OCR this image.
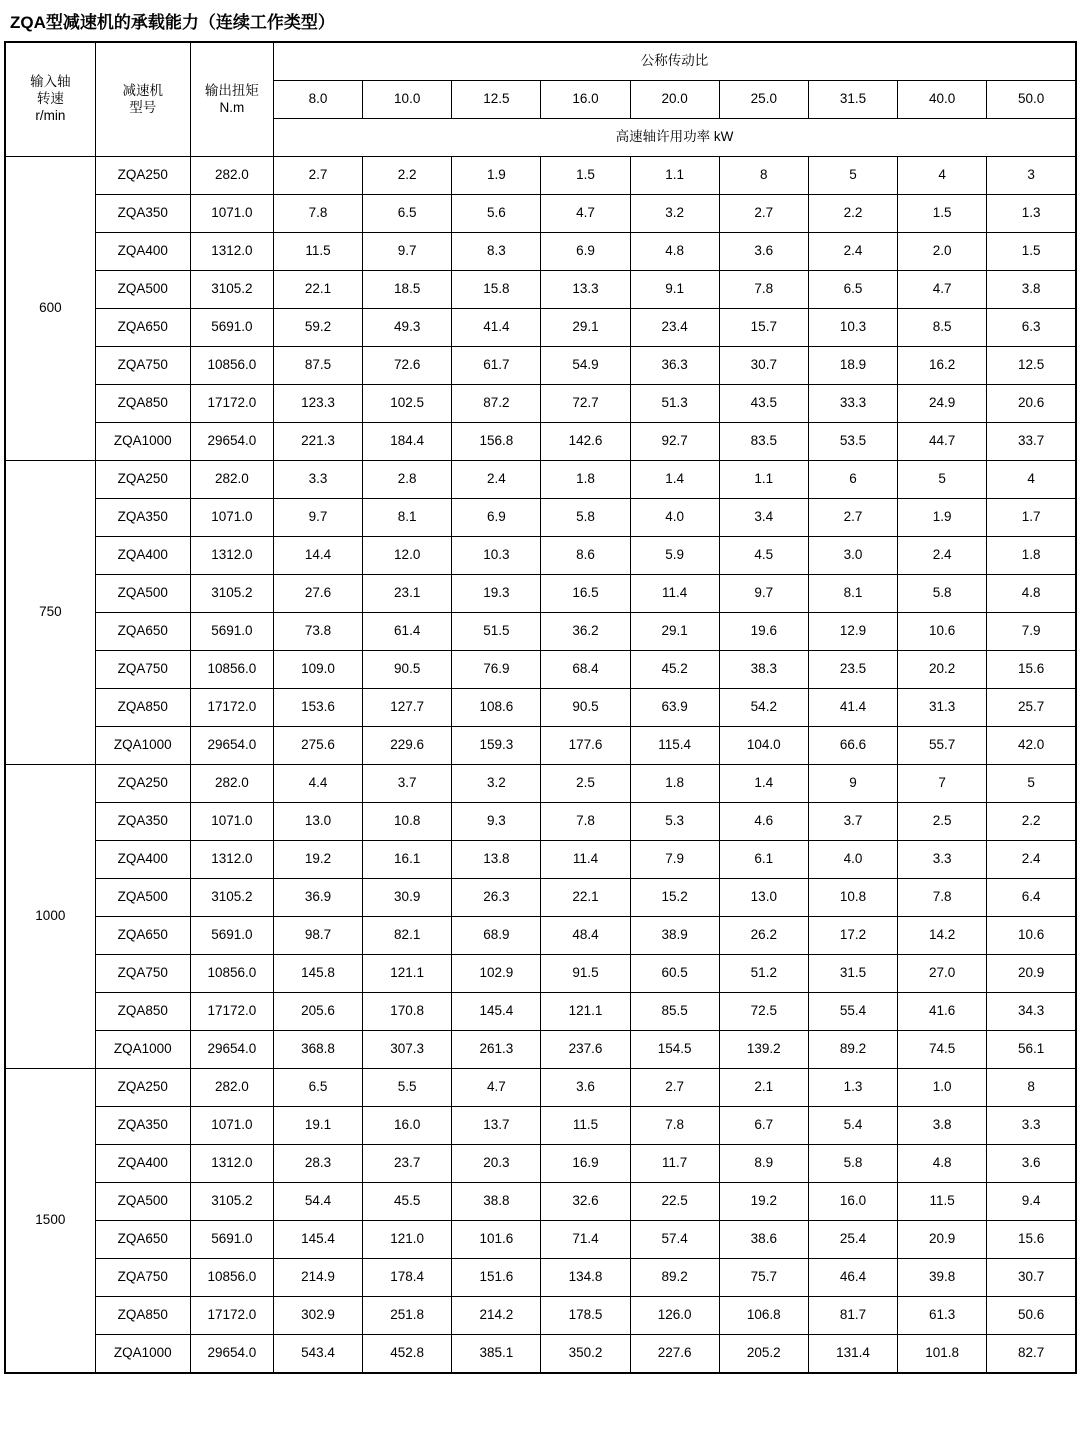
ZQA型减速机的承载能力（连续工作类型）
输入轴
转速
r/min

减速机
型号

输出扭矩
N.m
	公称传动比
			8.0	10.0	12.5	16.0	20.0	25.0	31.5	40.0	50.0
			高速轴许用功率 kW								
600	ZQA250	282.0	2.7	2.2	1.9	1.5	1.1	8	5	4	3
	ZQA350	1071.0	7.8	6.5	5.6	4.7	3.2	2.7	2.2	1.5	1.3
	ZQA400	1312.0	11.5	9.7	8.3	6.9	4.8	3.6	2.4	2.0	1.5
	ZQA500	3105.2	22.1	18.5	15.8	13.3	9.1	7.8	6.5	4.7	3.8
	ZQA650	5691.0	59.2	49.3	41.4	29.1	23.4	15.7	10.3	8.5	6.3
	ZQA750	10856.0	87.5	72.6	61.7	54.9	36.3	30.7	18.9	16.2	12.5
	ZQA850	17172.0	123.3	102.5	87.2	72.7	51.3	43.5	33.3	24.9	20.6
	ZQA1000	29654.0	221.3	184.4	156.8	142.6	92.7	83.5	53.5	44.7	33.7
750	ZQA250	282.0	3.3	2.8	2.4	1.8	1.4	1.1	6	5	4
	ZQA350	1071.0	9.7	8.1	6.9	5.8	4.0	3.4	2.7	1.9	1.7
	ZQA400	1312.0	14.4	12.0	10.3	8.6	5.9	4.5	3.0	2.4	1.8
	ZQA500	3105.2	27.6	23.1	19.3	16.5	11.4	9.7	8.1	5.8	4.8
	ZQA650	5691.0	73.8	61.4	51.5	36.2	29.1	19.6	12.9	10.6	7.9
	ZQA750	10856.0	109.0	90.5	76.9	68.4	45.2	38.3	23.5	20.2	15.6
	ZQA850	17172.0	153.6	127.7	108.6	90.5	63.9	54.2	41.4	31.3	25.7
	ZQA1000	29654.0	275.6	229.6	159.3	177.6	115.4	104.0	66.6	55.7	42.0
1000	ZQA250	282.0	4.4	3.7	3.2	2.5	1.8	1.4	9	7	5
	ZQA350	1071.0	13.0	10.8	9.3	7.8	5.3	4.6	3.7	2.5	2.2
	ZQA400	1312.0	19.2	16.1	13.8	11.4	7.9	6.1	4.0	3.3	2.4
	ZQA500	3105.2	36.9	30.9	26.3	22.1	15.2	13.0	10.8	7.8	6.4
	ZQA650	5691.0	98.7	82.1	68.9	48.4	38.9	26.2	17.2	14.2	10.6
	ZQA750	10856.0	145.8	121.1	102.9	91.5	60.5	51.2	31.5	27.0	20.9
	ZQA850	17172.0	205.6	170.8	145.4	121.1	85.5	72.5	55.4	41.6	34.3
	ZQA1000	29654.0	368.8	307.3	261.3	237.6	154.5	139.2	89.2	74.5	56.1
1500	ZQA250	282.0	6.5	5.5	4.7	3.6	2.7	2.1	1.3	1.0	8
	ZQA350	1071.0	19.1	16.0	13.7	11.5	7.8	6.7	5.4	3.8	3.3
	ZQA400	1312.0	28.3	23.7	20.3	16.9	11.7	8.9	5.8	4.8	3.6
	ZQA500	3105.2	54.4	45.5	38.8	32.6	22.5	19.2	16.0	11.5	9.4
	ZQA650	5691.0	145.4	121.0	101.6	71.4	57.4	38.6	25.4	20.9	15.6
	ZQA750	10856.0	214.9	178.4	151.6	134.8	89.2	75.7	46.4	39.8	30.7
	ZQA850	17172.0	302.9	251.8	214.2	178.5	126.0	106.8	81.7	61.3	50.6
	ZQA1000	29654.0	543.4	452.8	385.1	350.2	227.6	205.2	131.4	101.8	82.7
